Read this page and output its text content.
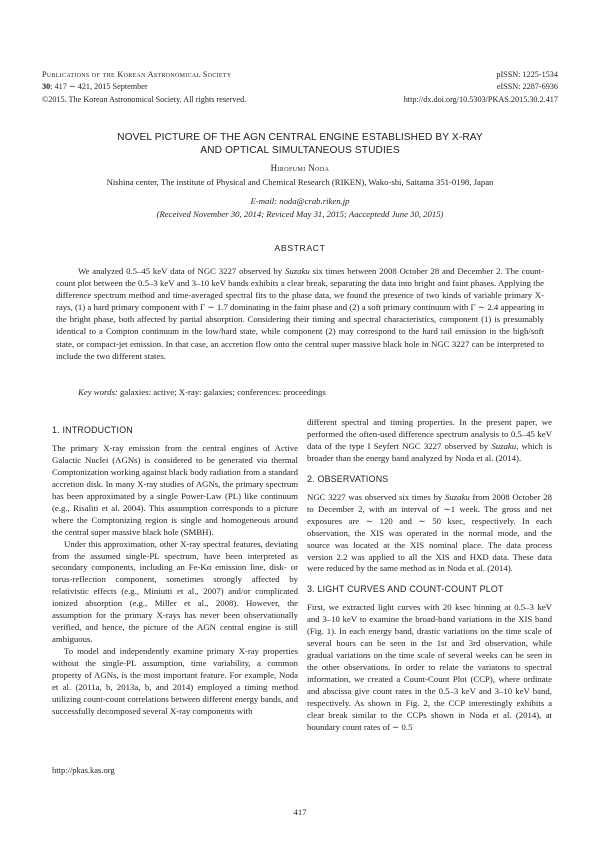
Publications of the Korean Astronomical Society
30: 417 ∼ 421, 2015 September
©2015. The Korean Astronomical Society. All rights reserved.
pISSN: 1225-1534
eISSN: 2287-6936
http://dx.doi.org/10.5303/PKAS.2015.30.2.417
NOVEL PICTURE OF THE AGN CENTRAL ENGINE ESTABLISHED BY X-RAY
AND OPTICAL SIMULTANEOUS STUDIES
Hirofumi Noda
Nishina center, The institute of Physical and Chemical Research (RIKEN), Wako-shi, Saitama 351-0198, Japan
E-mail: noda@crab.riken.jp
(Received November 30, 2014; Reviced May 31, 2015; Aacceptedd June 30, 2015)
ABSTRACT
We analyzed 0.5–45 keV data of NGC 3227 observed by Suzaku six times between 2008 October 28 and December 2. The count-count plot between the 0.5–3 keV and 3–10 keV bands exhibits a clear break, separating the data into bright and faint phases. Applying the difference spectrum method and time-averaged spectral fits to the phase data, we found the presence of two kinds of variable primary X-rays, (1) a hard primary component with Γ ∼ 1.7 dominating in the faint phase and (2) a soft primary continuum with Γ ∼ 2.4 appearing in the bright phase, both affected by partial absorption. Considering their timing and spectral characteristics, component (1) is presumably identical to a Compton continuum in the low/hard state, while component (2) may correspond to the hard tail emission in the high/soft state, or compact-jet emission. In that case, an accretion flow onto the central super massive black hole in NGC 3227 can be interpreted to include the two different states.
Key words: galaxies: active; X-ray: galaxies; conferences: proceedings
1. INTRODUCTION

The primary X-ray emission from the central engines of Active Galactic Nuclei (AGNs) is considered to be generated via thermal Comptonization working against black body radiation from a standard accretion disk. In many X-ray studies of AGNs, the primary spectrum has been approximated by a single Power-Law (PL) like continuum (e.g., Risaliti et al. 2004). This assumption corresponds to a picture where the Comptonizing region is single and homogeneous around the central super massive black hole (SMBH).

Under this approximation, other X-ray spectral features, deviating from the assumed single-PL spectrum, have been interpreted as secondary components, including an Fe-Kα emission line, disk- or torus-reflection component, sometimes strongly affected by relativistic effects (e.g., Miniutti et al., 2007) and/or complicated ionized absorption (e.g., Miller et al., 2008). However, the assumption for the primary X-rays has never been observationally verified, and hence, the picture of the AGN central engine is still ambiguous.

To model and independently examine primary X-ray properties without the single-PL assumption, time variability, a common property of AGNs, is the most important feature. For example, Noda et al. (2011a, b, 2013a, b, and 2014) employed a timing method utilizing count-count correlations between different energy bands, and successfully decomposed several X-ray components with

different spectral and timing properties. In the present paper, we performed the often-used difference spectrum analysis to 0.5–45 keV data of the type I Seyfert NGC 3227 observed by Suzaku, which is broader than the energy band analyzed by Noda et al. (2014).

2. OBSERVATIONS

NGC 3227 was observed six times by Suzaku from 2008 October 28 to December 2, with an interval of ∼1 week. The gross and net exposures are ∼ 120 and ∼ 50 ksec, respectively. In each observation, the XIS was operated in the normal mode, and the source was located at the XIS nominal place. The data process version 2.2 was applied to all the XIS and HXD data. These data were reduced by the same method as in Noda et al. (2014).

3. LIGHT CURVES AND COUNT-COUNT PLOT

First, we extracted light curves with 20 ksec binning at 0.5–3 keV and 3–10 keV to examine the broad-band variations in the XIS band (Fig. 1). In each energy band, drastic variations on the time scale of several hours can be seen in the 1st and 3rd observation, while gradual variations on the time scale of several weeks can be seen in the other observations. In order to relate the variatons to spectral information, we created a Count-Count Plot (CCP), where ordinate and abscissa give count rates in the 0.5–3 keV and 3–10 keV band, respectively. As shown in Fig. 2, the CCP interestingly exhibits a clear break similar to the CCPs shown in Noda et al. (2014), at boundary count rates of ∼ 0.5

http://pkas.kas.org
417
